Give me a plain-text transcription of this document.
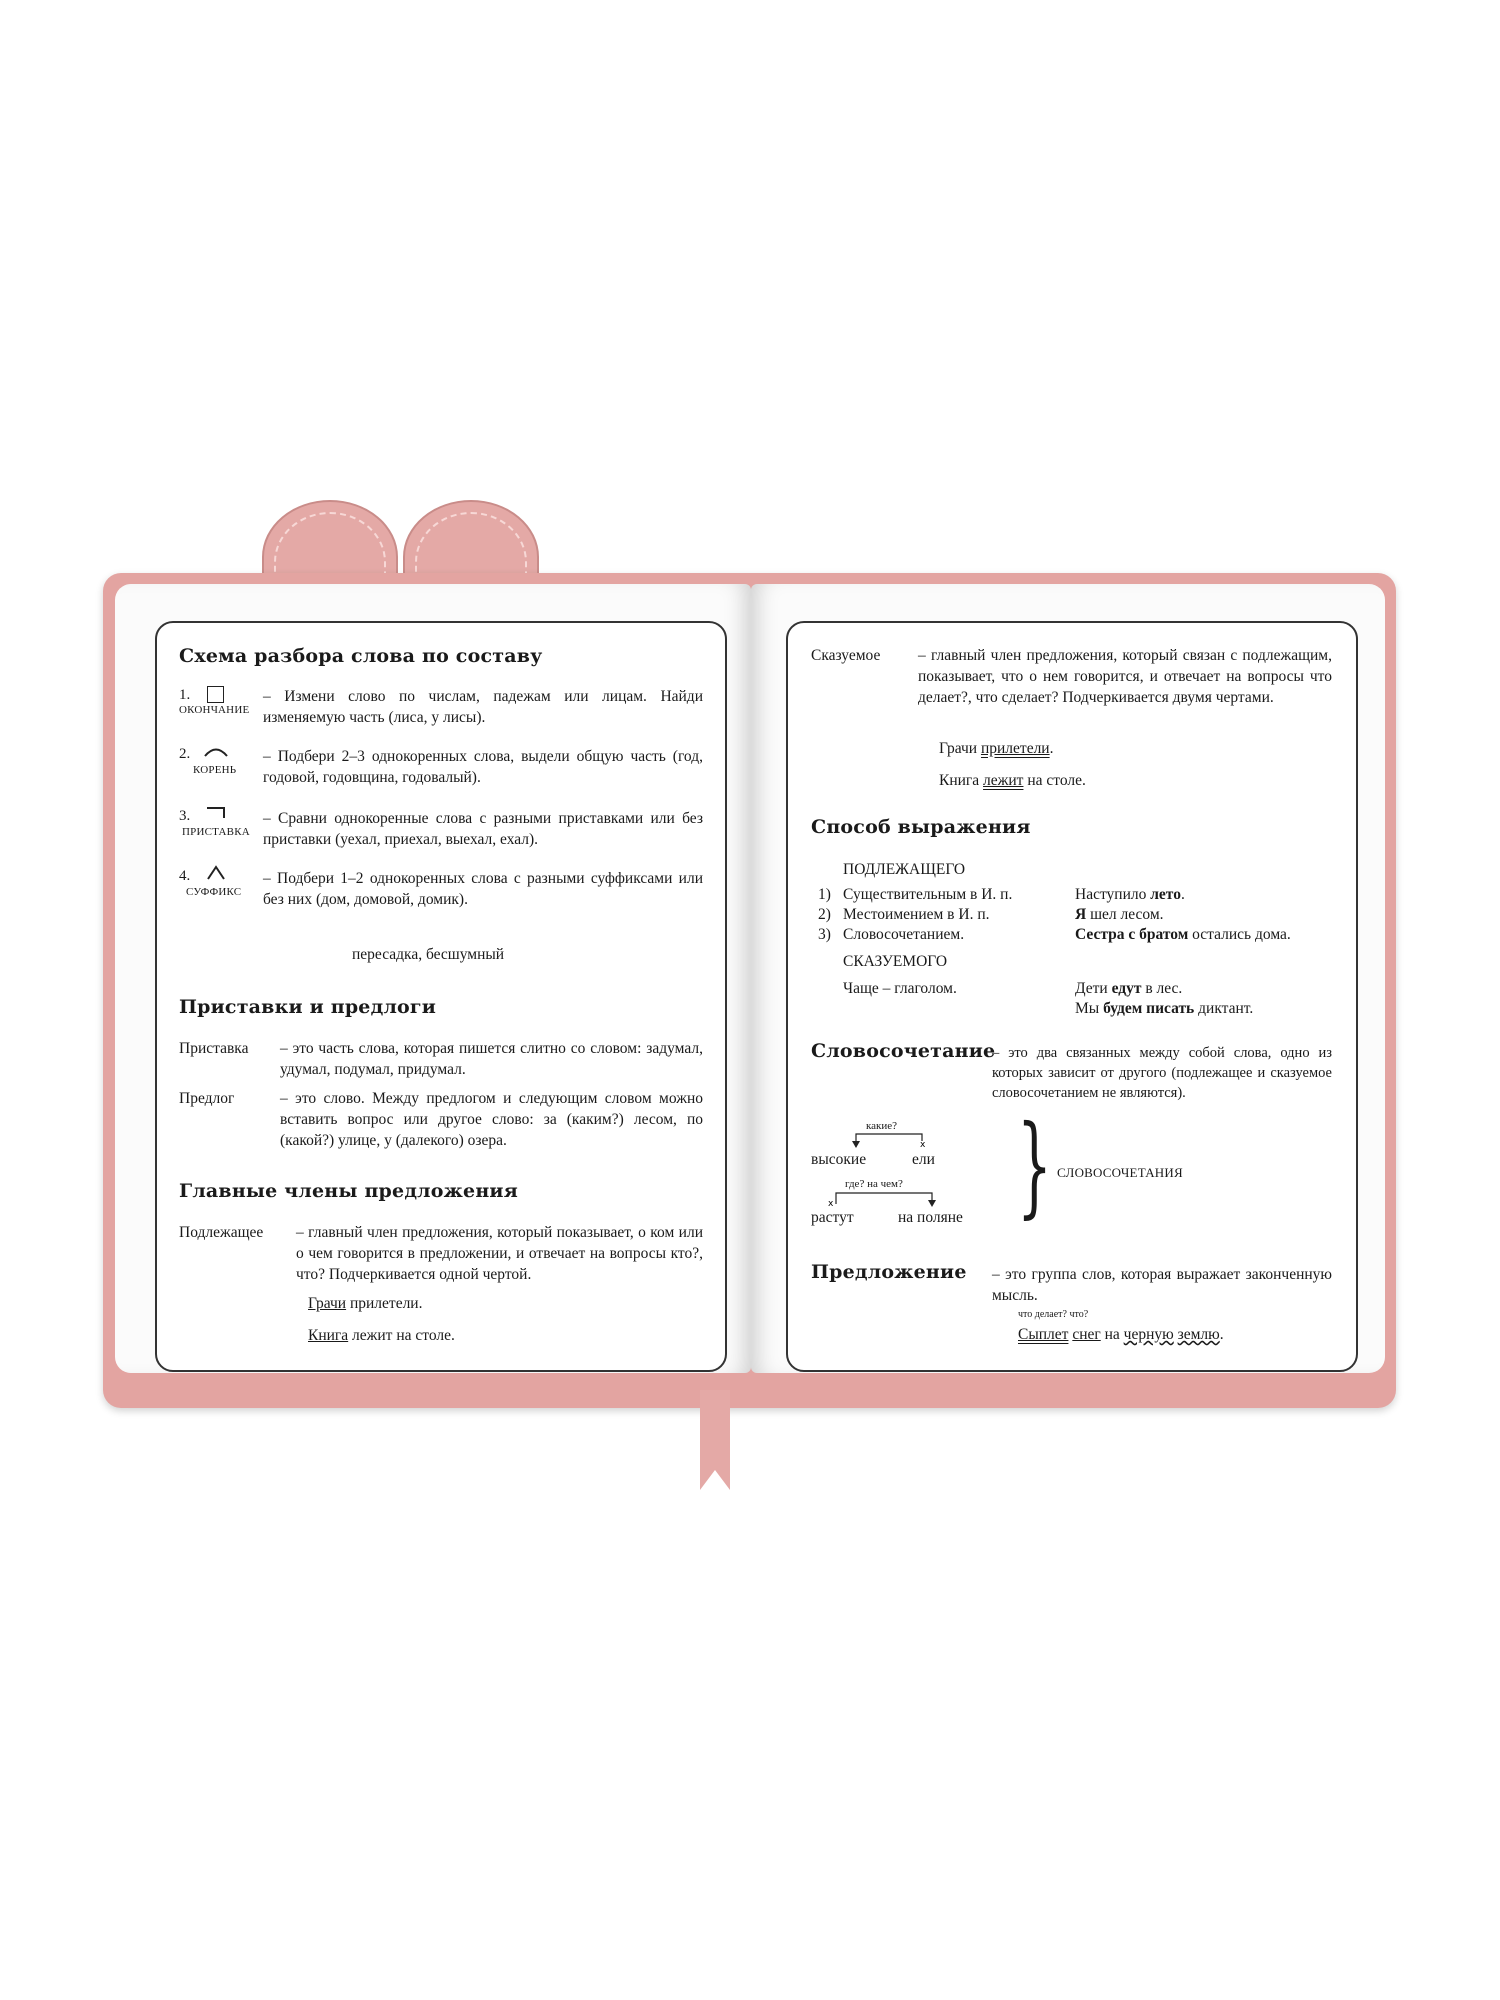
Схема разбора слова по составу
1.
ОКОНЧАНИЕ
– Измени слово по числам, падежам или лицам. Найди изменяемую часть (лиса, у лисы).
2.
КОРЕНЬ
– Подбери 2–3 однокоренных слова, выдели общую часть (год, годовой, годовщина, годовалый).
3.
ПРИСТАВКА
– Сравни однокоренные слова с разными приставками или без приставки (уехал, приехал, выехал, ехал).
4.
СУФФИКС
– Подбери 1–2 однокоренных слова с разными суффиксами или без них (дом, домовой, домик).
пересадка, бесшумный
Приставки и предлоги
Приставка – это часть слова, которая пишется слитно со словом: задумал, удумал, подумал, придумал.
Предлог	– это слово. Между предлогом и следующим словом можно вставить вопрос или другое слово: за (каким?) лесом, по (какой?) улице, у (далекого) озера.
Главные члены предложения
Подлежащее – главный член предложения, который показывает, о ком или о чем говорится в предложении, и отвечает на вопросы кто?, что? Подчеркивается одной чертой.
Грачи прилетели.
Книга лежит на столе.
Сказуемое – главный член предложения, который связан с подлежащим, показывает, что о нем говорится, и отвечает на вопросы что делает?, что сделает? Подчеркивается двумя чертами.
Грачи прилетели.
Книга лежит на столе.
Способ выражения
ПОДЛЕЖАЩЕГО
1) Существительным в И. п.	Наступило лето.
2) Местоимением в И. п.	Я шел лесом.
3) Словосочетанием.	Сестра с братом остались дома.
СКАЗУЕМОГО
Чаще – глаголом.	Дети едут в лес.
Мы будем писать диктант.
Словосочетание
– это два связанных между собой слова, одно из которых зависит от другого (подлежащее и сказуемое словосочетанием не являются).
какие?
x
высокие	ели
где? на чем?
x
растут	на поляне } СЛОВОСОЧЕТАНИЯ
Предложение – это группа слов, которая выражает законченную мысль.
что делает? что?
Сыплет снег на черную землю.
